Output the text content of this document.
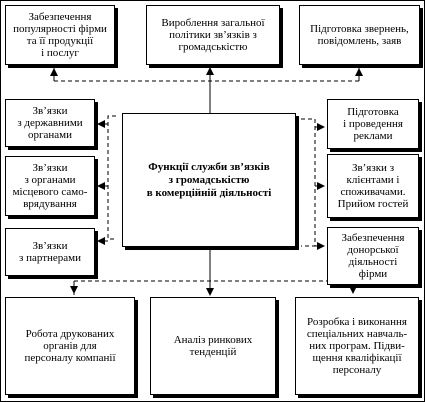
Забезпечення
популярності фірми
та її продукції
і послуг
Вироблення загальної
політики зв’язків з
громадськістю
Підготовка звернень,
повідомлень, заяв
Зв’язки
з державними
органами
Зв’язки
з органами
місцевого само-
врядування
Зв’язки
з партнерами
Функції служби зв’язків
з громадськістю
в комерційній діяльності
Підготовка
і проведення
реклами
Зв’язки з
клієнтами і
споживачами.
Прийом гостей
Забезпечення
донорської
діяльності
фірми
Робота друкованих
органів для
персоналу компанії
Аналіз ринкових
тенденцій
Розробка і виконання
спеціальних навчаль-
них програм. Підви-
щення кваліфікації
персоналу
